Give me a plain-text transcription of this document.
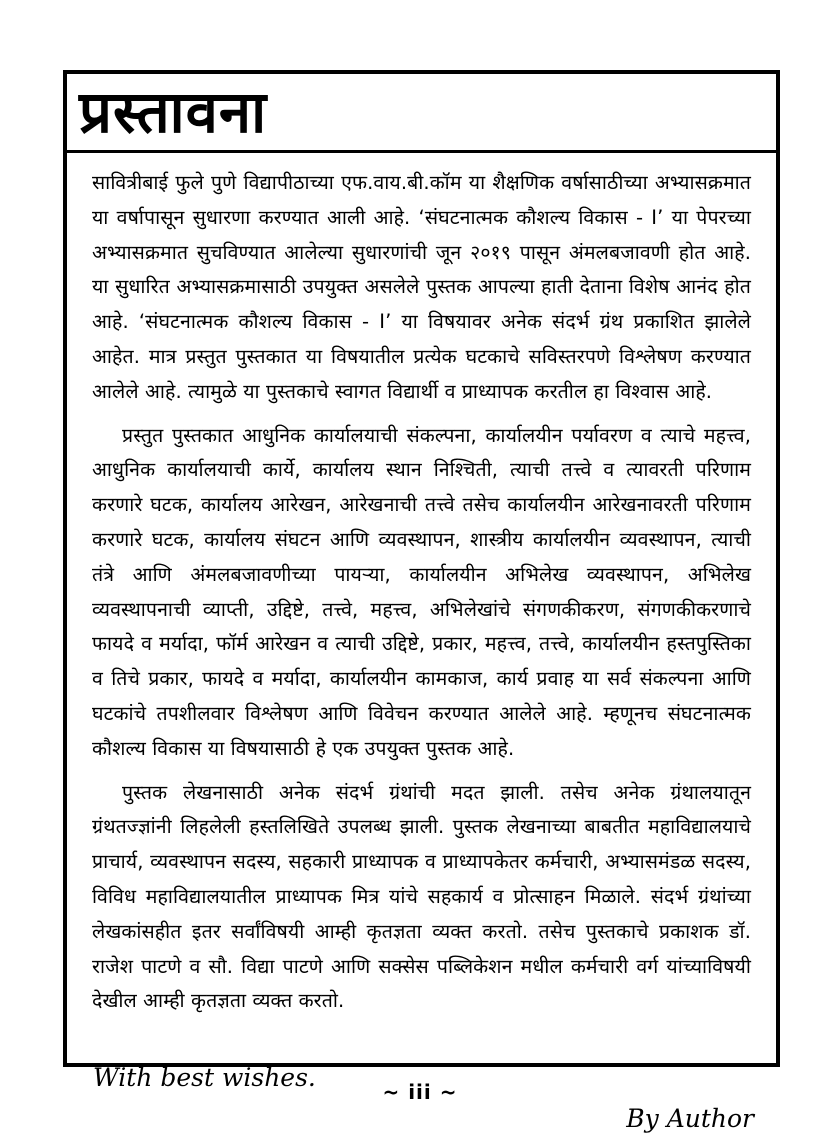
प्रस्तावना

सावित्रीबाई फुले पुणे विद्यापीठाच्या एफ.वाय.बी.कॉम या शैक्षणिक वर्षासाठीच्या अभ्यासक्रमात या वर्षापासून सुधारणा करण्यात आली आहे. ‘संघटनात्मक कौशल्य विकास - I’ या पेपरच्या अभ्यासक्रमात सुचविण्यात आलेल्या सुधारणांची जून २०१९ पासून अंमलबजावणी होत आहे. या सुधारित अभ्यासक्रमासाठी उपयुक्त असलेले पुस्तक आपल्या हाती देताना विशेष आनंद होत आहे. ‘संघटनात्मक कौशल्य विकास - I’ या विषयावर अनेक संदर्भ ग्रंथ प्रकाशित झालेले आहेत. मात्र प्रस्तुत पुस्तकात या विषयातील प्रत्येक घटकाचे सविस्तरपणे विश्लेषण करण्यात आलेले आहे. त्यामुळे या पुस्तकाचे स्वागत विद्यार्थी व प्राध्यापक करतील हा विश्वास आहे.

प्रस्तुत पुस्तकात आधुनिक कार्यालयाची संकल्पना, कार्यालयीन पर्यावरण व त्याचे महत्त्व, आधुनिक कार्यालयाची कार्ये, कार्यालय स्थान निश्चिती, त्याची तत्त्वे व त्यावरती परिणाम करणारे घटक, कार्यालय आरेखन, आरेखनाची तत्त्वे तसेच कार्यालयीन आरेखनावरती परिणाम करणारे घटक, कार्यालय संघटन आणि व्यवस्थापन, शास्त्रीय कार्यालयीन व्यवस्थापन, त्याची तंत्रे आणि अंमलबजावणीच्या पायऱ्या, कार्यालयीन अभिलेख व्यवस्थापन, अभिलेख व्यवस्थापनाची व्याप्ती, उद्दिष्टे, तत्त्वे, महत्त्व, अभिलेखांचे संगणकीकरण, संगणकीकरणाचे फायदे व मर्यादा, फॉर्म आरेखन व त्याची उद्दिष्टे, प्रकार, महत्त्व, तत्त्वे, कार्यालयीन हस्तपुस्तिका व तिचे प्रकार, फायदे व मर्यादा, कार्यालयीन कामकाज, कार्य प्रवाह या सर्व संकल्पना आणि घटकांचे तपशीलवार विश्लेषण आणि विवेचन करण्यात आलेले आहे. म्हणूनच संघटनात्मक कौशल्य विकास या विषयासाठी हे एक उपयुक्त पुस्तक आहे.

पुस्तक लेखनासाठी अनेक संदर्भ ग्रंथांची मदत झाली. तसेच अनेक ग्रंथालयातून ग्रंथतज्ज्ञांनी लिहलेली हस्तलिखिते उपलब्ध झाली. पुस्तक लेखनाच्या बाबतीत महाविद्यालयाचे प्राचार्य, व्यवस्थापन सदस्य, सहकारी प्राध्यापक व प्राध्यापकेतर कर्मचारी, अभ्यासमंडळ सदस्य, विविध महाविद्यालयातील प्राध्यापक मित्र यांचे सहकार्य व प्रोत्साहन मिळाले. संदर्भ ग्रंथांच्या लेखकांसहीत इतर सर्वांविषयी आम्ही कृतज्ञता व्यक्त करतो. तसेच पुस्तकाचे प्रकाशक डॉ. राजेश पाटणे व सौ. विद्या पाटणे आणि सक्सेस पब्लिकेशन मधील कर्मचारी वर्ग यांच्याविषयी देखील आम्ही कृतज्ञता व्यक्त करतो.

With best wishes.
By Author
~ iii ~
